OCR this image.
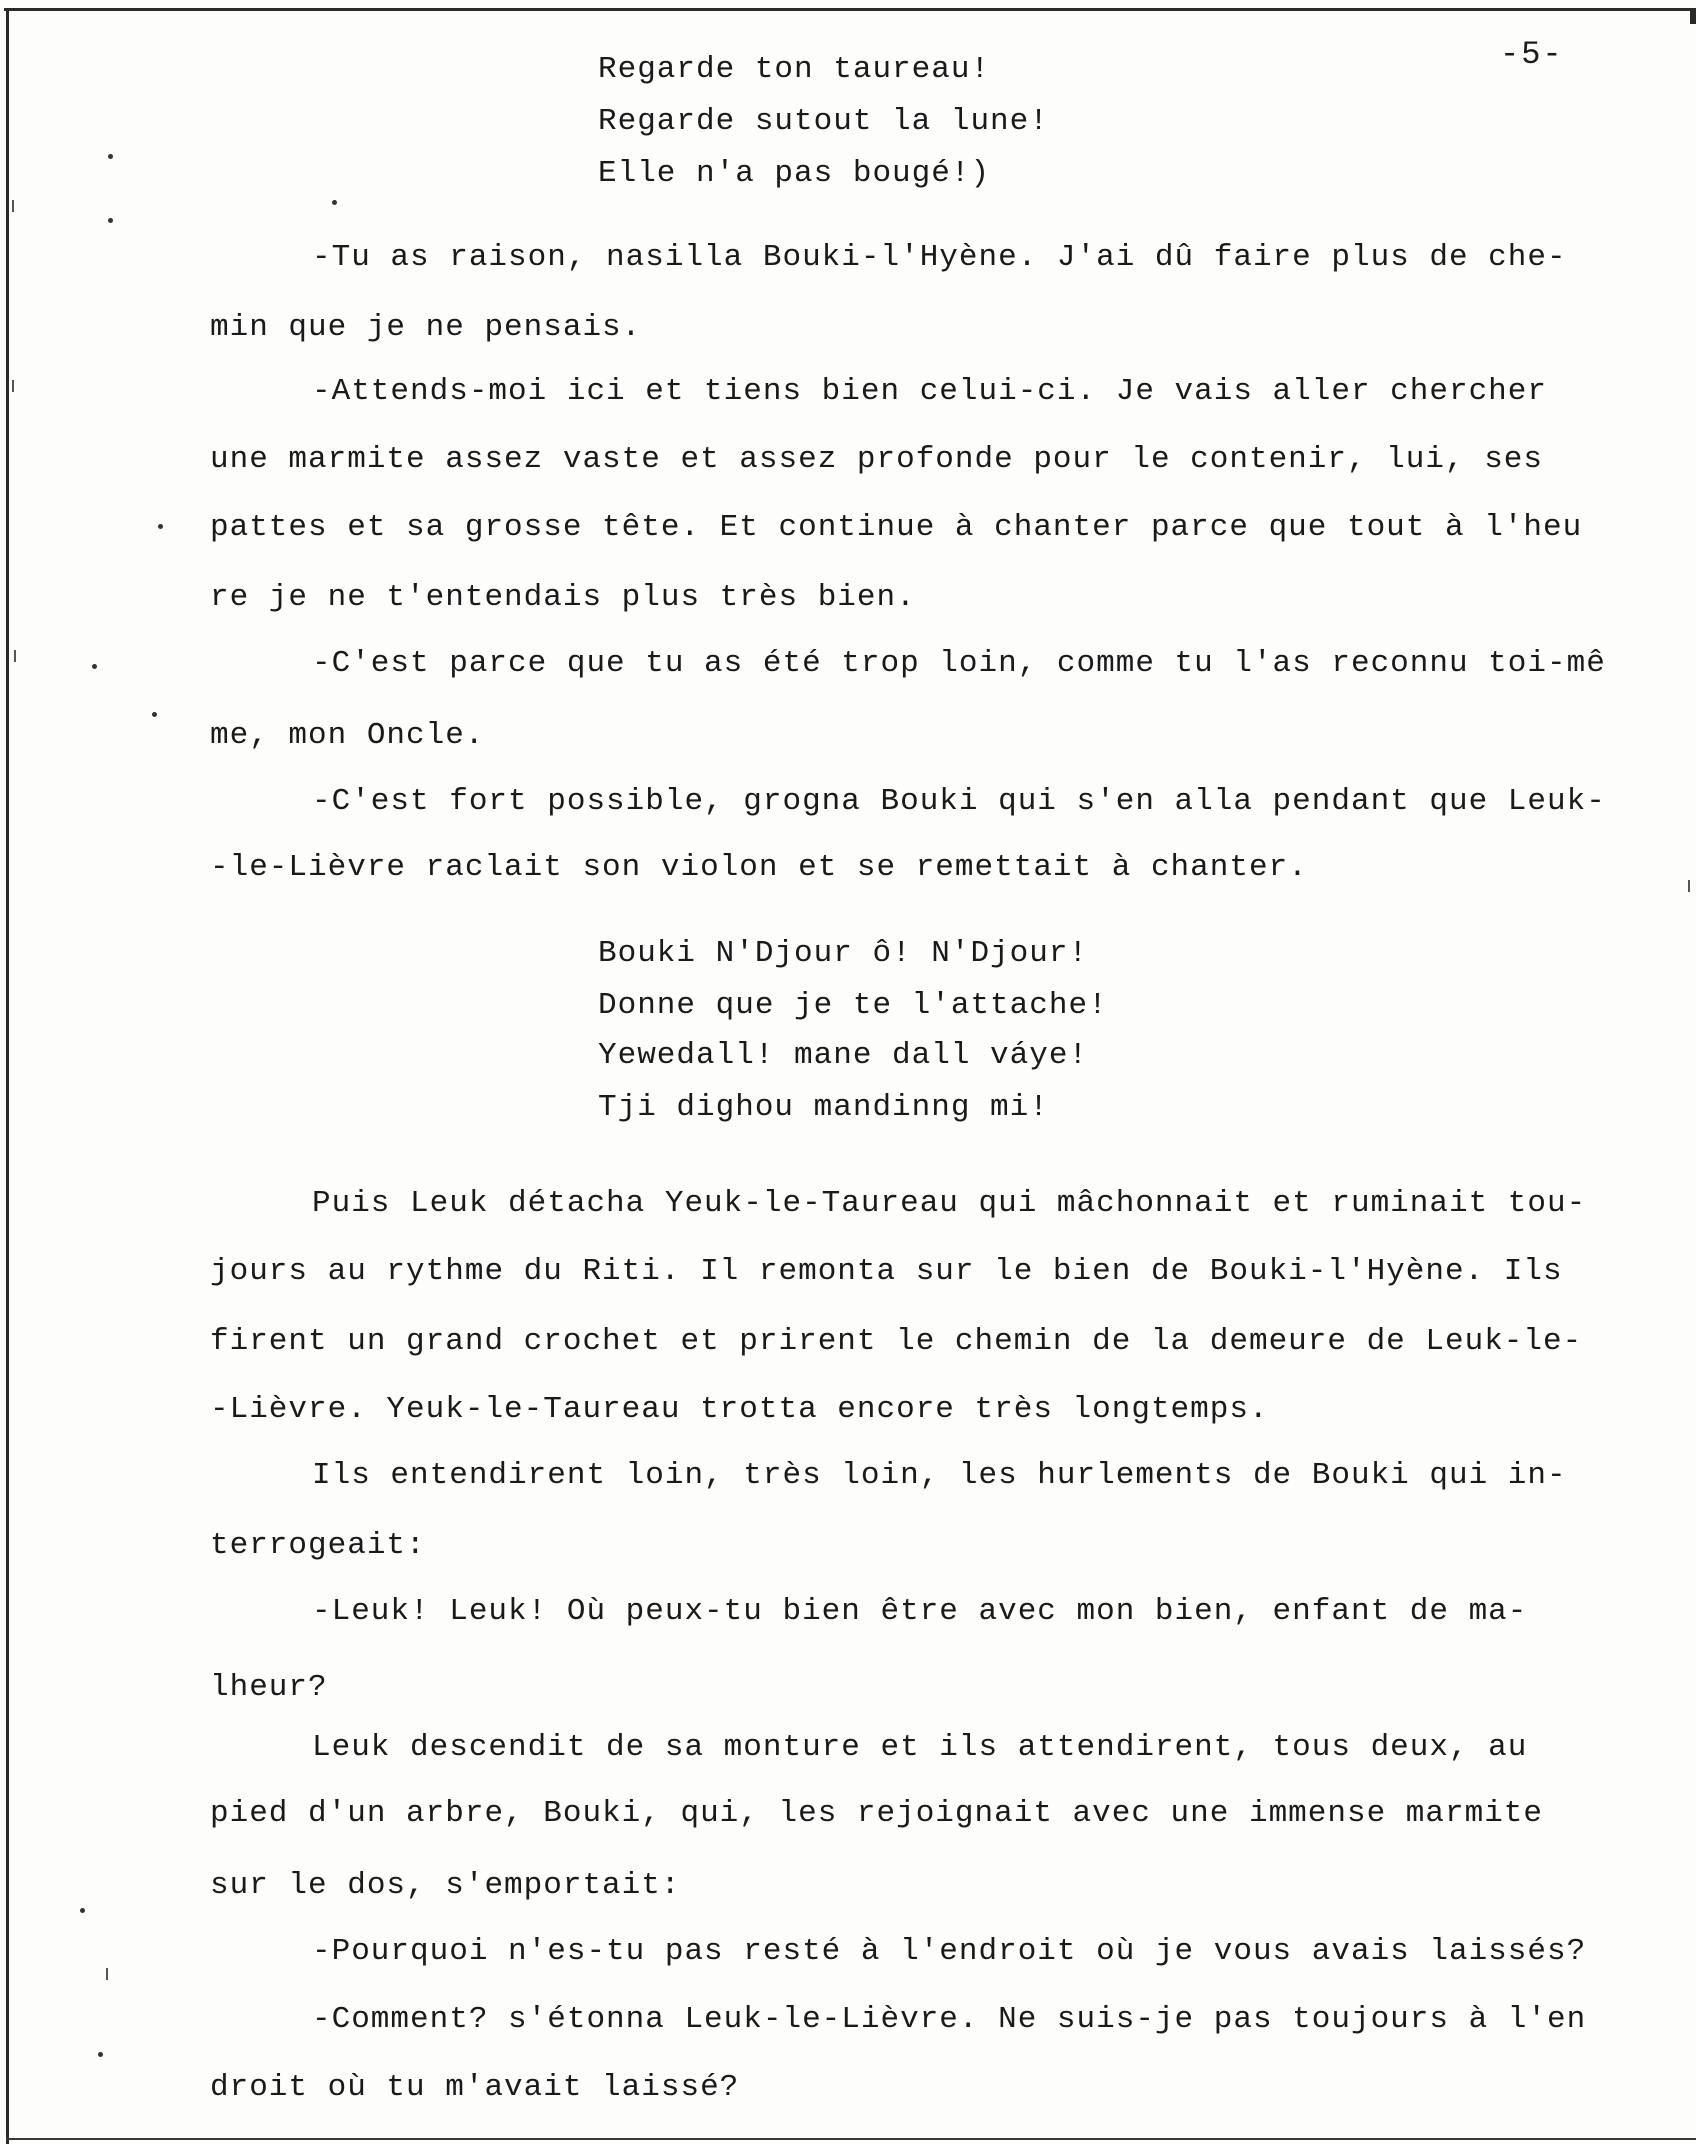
-5-
Regarde ton taureau!
Regarde sutout la lune!
Elle n'a pas bougé!)
-Tu as raison, nasilla Bouki-l'Hyène. J'ai dû faire plus de che-
min que je ne pensais.
-Attends-moi ici et tiens bien celui-ci. Je vais aller chercher
une marmite assez vaste et assez profonde pour le contenir, lui, ses
pattes et sa grosse tête. Et continue à chanter parce que tout à l'heu
re je ne t'entendais plus très bien.
-C'est parce que tu as été trop loin, comme tu l'as reconnu toi-mê
me, mon Oncle.
-C'est fort possible, grogna Bouki qui s'en alla pendant que Leuk-
-le-Lièvre raclait son violon et se remettait à chanter.
Bouki N'Djour ô! N'Djour!
Donne que je te l'attache!
Yewedall! mane dall váye!
Tji dighou mandinng mi!
Puis Leuk détacha Yeuk-le-Taureau qui mâchonnait et ruminait tou-
jours au rythme du Riti. Il remonta sur le bien de Bouki-l'Hyène. Ils
firent un grand crochet et prirent le chemin de la demeure de Leuk-le-
-Lièvre. Yeuk-le-Taureau trotta encore très longtemps.
Ils entendirent loin, très loin, les hurlements de Bouki qui in-
terrogeait:
-Leuk! Leuk! Où peux-tu bien être avec mon bien, enfant de ma-
lheur?
Leuk descendit de sa monture et ils attendirent, tous deux, au
pied d'un arbre, Bouki, qui, les rejoignait avec une immense marmite
sur le dos, s'emportait:
-Pourquoi n'es-tu pas resté à l'endroit où je vous avais laissés?
-Comment? s'étonna Leuk-le-Lièvre. Ne suis-je pas toujours à l'en
droit où tu m'avait laissé?
